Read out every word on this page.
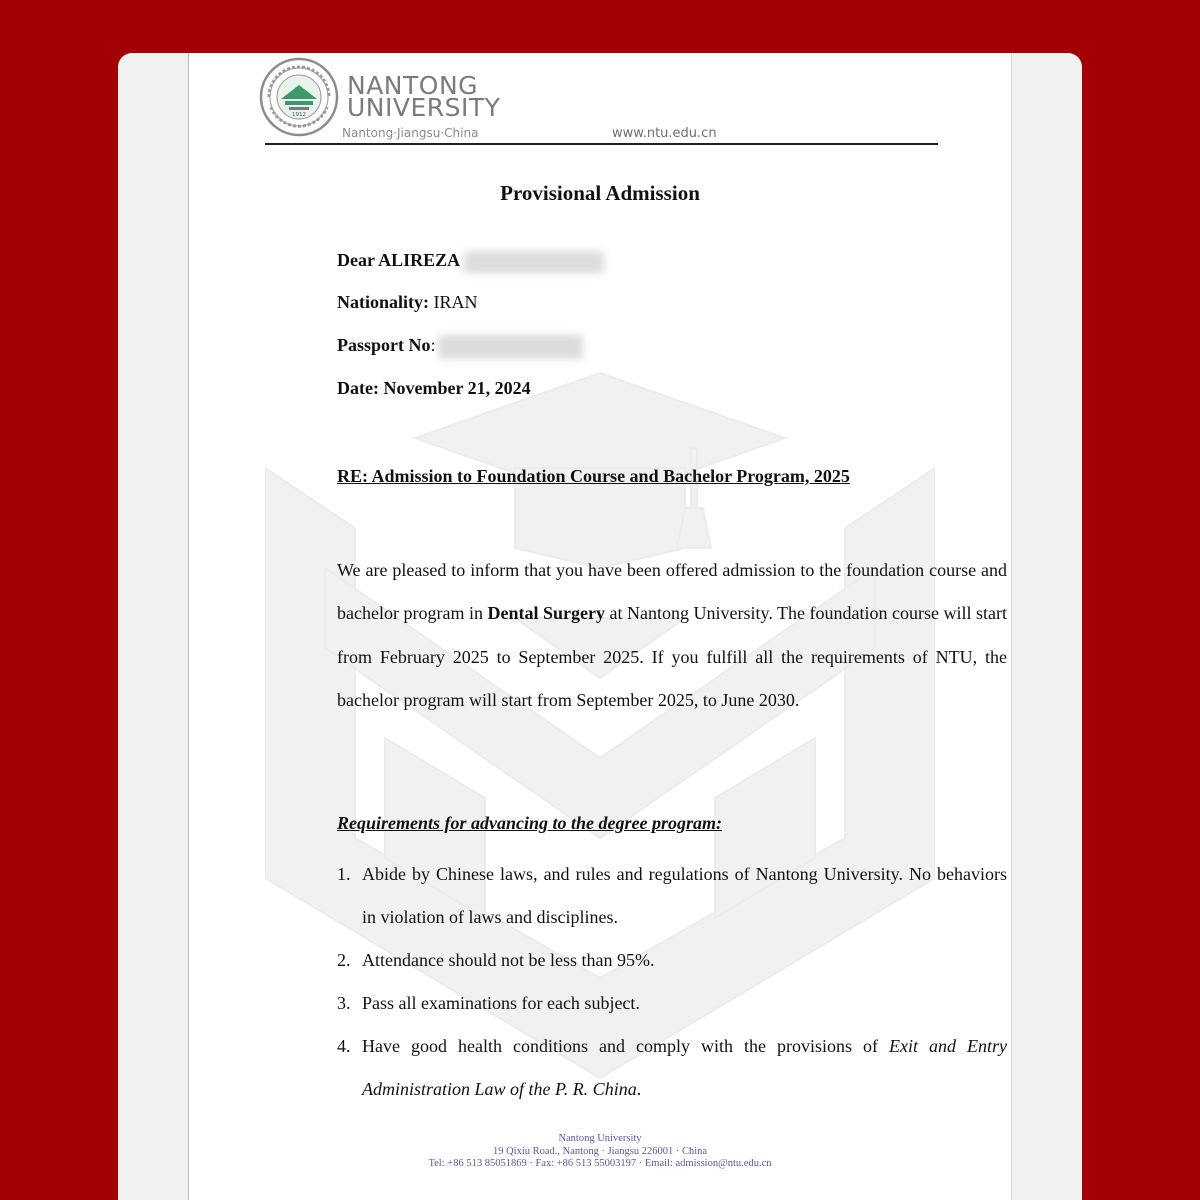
1912
NANTONG
UNIVERSITY
Nantong·Jiangsu·China	www.ntu.edu.cn
Provisional Admission
Dear ALIREZA
Nationality: IRAN
Passport No:
Date: November 21, 2024
RE: Admission to Foundation Course and Bachelor Program, 2025
We are pleased to inform that you have been offered admission to the foundation course and bachelor program in Dental Surgery at Nantong University. The foundation course will start from February 2025 to September 2025. If you fulfill all the requirements of NTU, the bachelor program will start from September 2025, to June 2030.
Requirements for advancing to the degree program:
1. Abide by Chinese laws, and rules and regulations of Nantong University. No behaviors in violation of laws and disciplines.
2. Attendance should not be less than 95%.
3. Pass all examinations for each subject.
4. Have good health conditions and comply with the provisions of Exit and Entry Administration Law of the P. R. China.
Nantong University
19 Qixiu Road., Nantong · Jiangsu 226001 · China
Tel: +86 513 85051869 · Fax: +86 513 55003197 · Email: admission@ntu.edu.cn
